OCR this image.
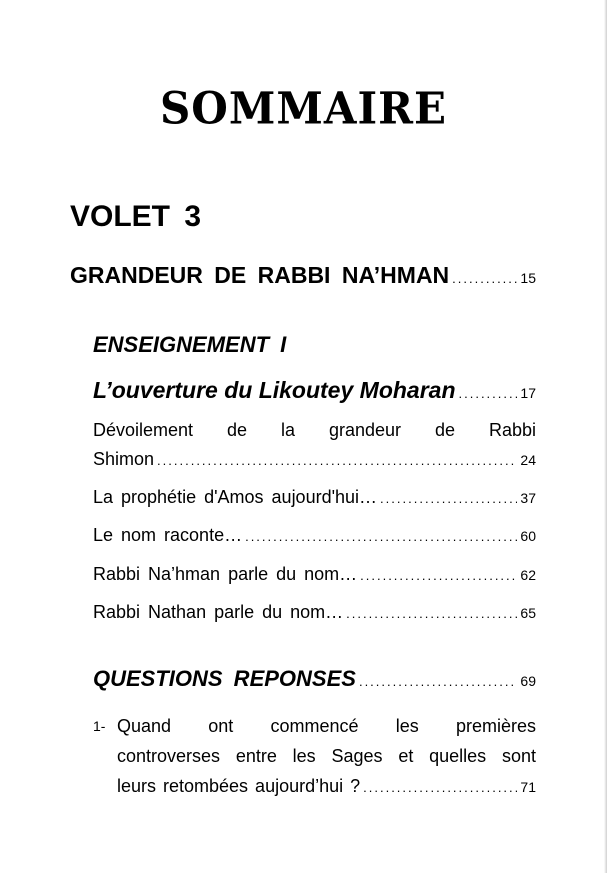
SOMMAIRE
VOLET 3
GRANDEUR DE RABBI NA’HMAN .....	15
ENSEIGNEMENT I
L’ouverture du Likoutey Moharan .....	17
Dévoilement de la grandeur de Rabbi
Shimon .....	24
La prophétie d'Amos aujourd'hui… .....	37
Le nom raconte… .....	60
Rabbi Na’hman parle du nom… .....	62
Rabbi Nathan parle du nom… .....	65
QUESTIONS REPONSES .....	69
1- Quand ont commencé les premières
controverses entre les Sages et quelles sont
leurs retombées aujourd’hui ? .....	71
